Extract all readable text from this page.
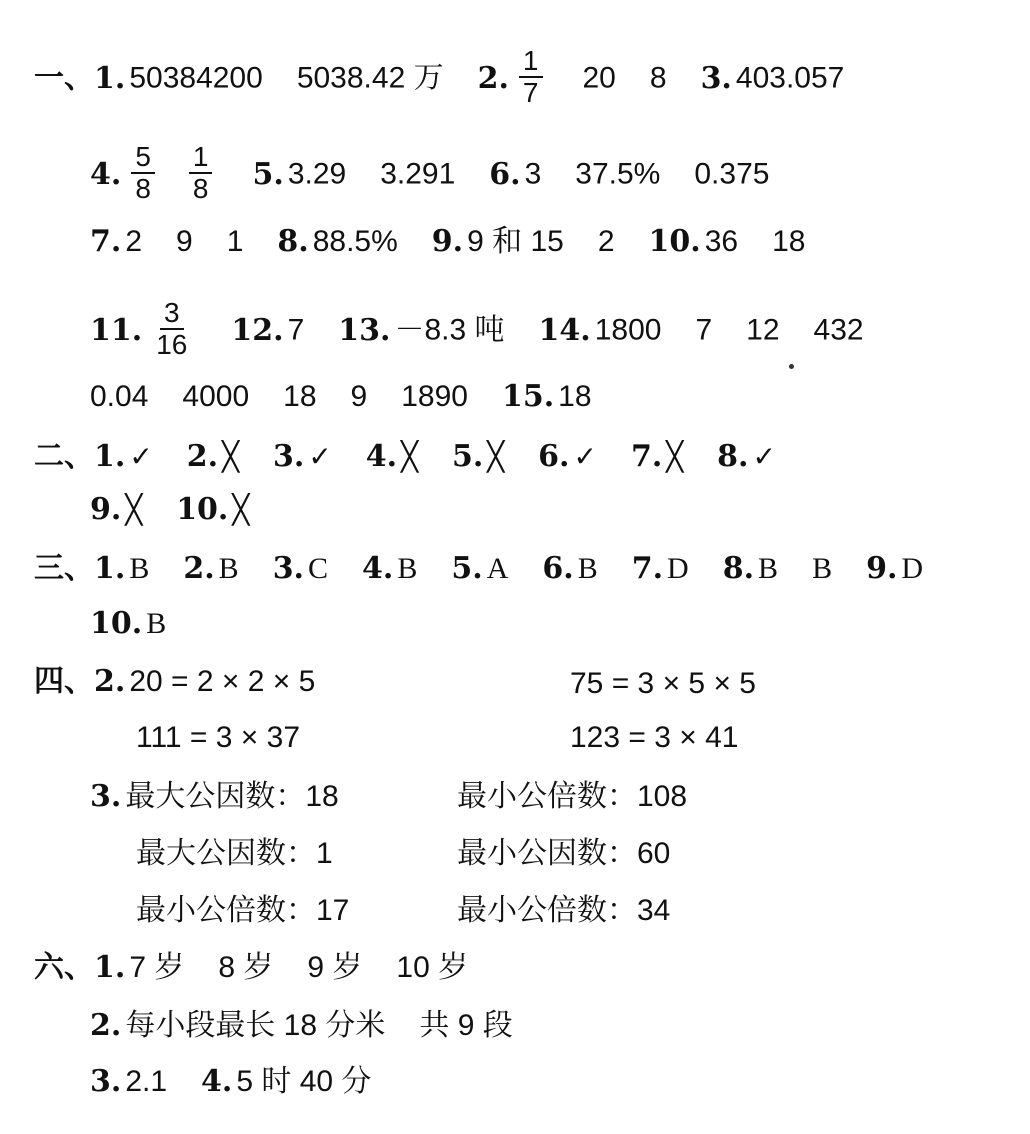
一、1. 50384200 5038.42 万 2. $\frac{1}{7} 20$ 8 3. 403.057
4. $\frac{5}{8} \frac{1}{8} 5$. 3.29 3.291 6. 3 37.5% 0.375
7. 2 9 1 8. 88.5% 9. 9 和 15 2 10. 36 18
11. $\frac{3}{16} 12$. 7 13. －8.3 吨 14. 1800 7 12 432
0.04 4000 18 9 1890 15. 18
二、1. ✓ 2. ╳ 3. ✓ 4. ╳ 5. ╳ 6. ✓ 7. ╳ 8. ✓
9. ╳ 10. ╳
三、1. B 2. B 3. C 4. B 5. A 6. B 7. D 8. B B 9. D
10. B
四、2. 20 = 2 × 2 × 5	75 = 3 × 5 × 5
111 = 3 × 37	123 = 3 × 41
3. 最大公因数：18	最小公倍数：108
最大公因数：1	最小公因数：60
最小公倍数：17	最小公倍数：34
六、1. 7 岁 8 岁 9 岁 10 岁
2. 每小段最长 18 分米 共 9 段
3. 2.1 4. 5 时 40 分
